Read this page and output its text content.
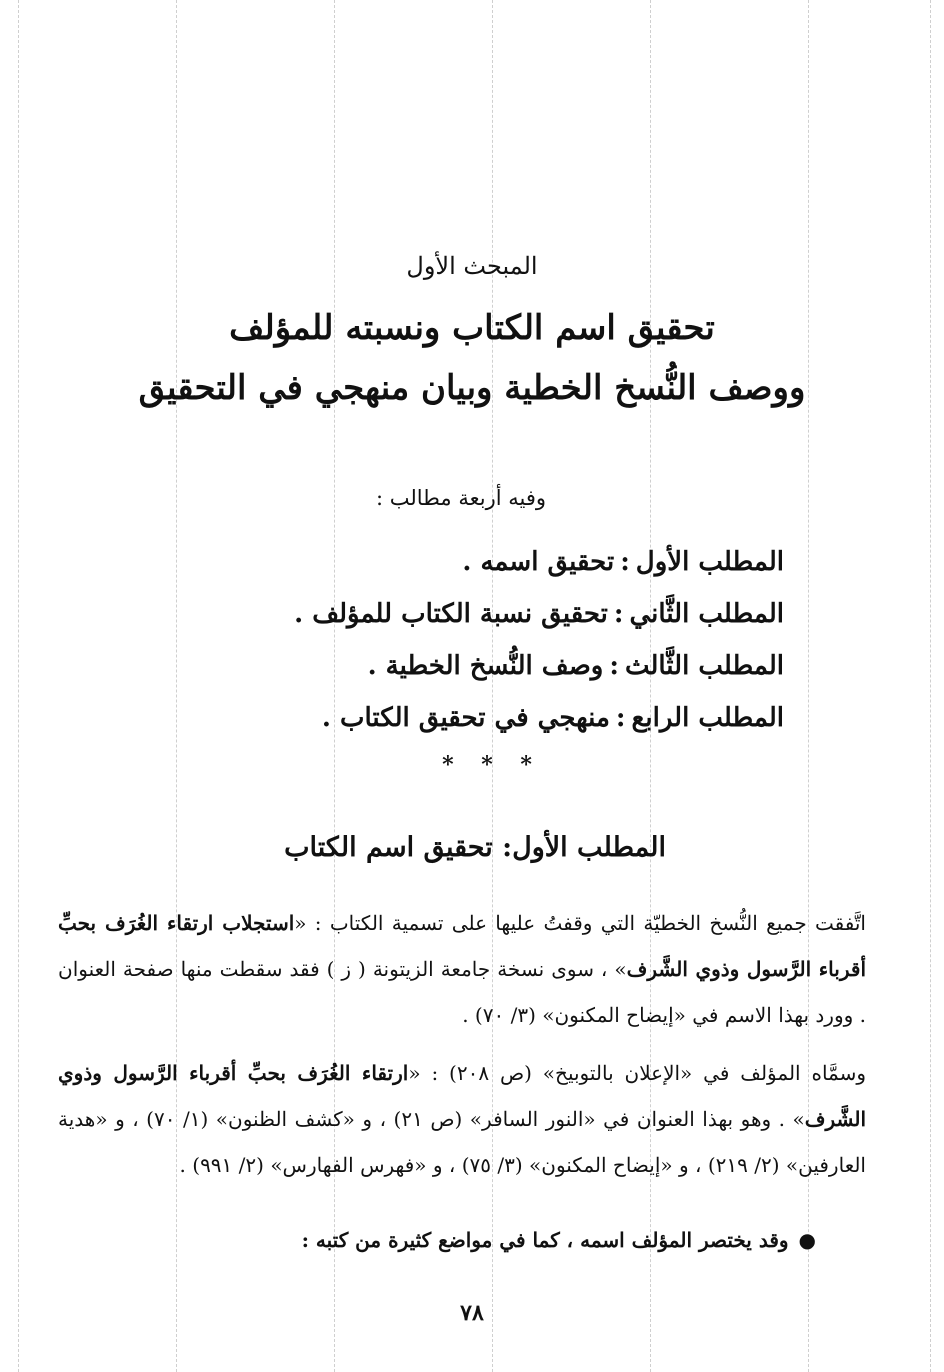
المبحث الأول
تحقيق اسم الكتاب ونسبته للمؤلف
ووصف النُّسخ الخطية وبيان منهجي في التحقيق
وفيه أربعة مطالب :
المطلب الأول:تحقيق اسمه .
المطلب الثَّاني:تحقيق نسبة الكتاب للمؤلف .
المطلب الثَّالث:وصف النُّسخ الخطية .
المطلب الرابع:منهجي في تحقيق الكتاب .
* * *
المطلب الأول: تحقيق اسم الكتاب

اتَّفقت جميع النُّسخ الخطيّة التي وقفتُ عليها على تسمية الكتاب : «استجلاب ارتقاء الغُرَف بحبِّ أقرباء الرَّسول وذوي الشَّرف» ، سوى نسخة جامعة الزيتونة ( ز ) فقد سقطت منها صفحة العنوان . وورد بهذا الاسم في «إيضاح المكنون» (٣/ ٧٠) .

وسمَّاه المؤلف في «الإعلان بالتوبيخ» (ص ٢٠٨) : «ارتقاء الغُرَف بحبِّ أقرباء الرَّسول وذوي الشَّرف» . وهو بهذا العنوان في «النور السافر» (ص ٢١) ، و «كشف الظنون» (١/ ٧٠) ، و «هدية العارفين» (٢/ ٢١٩) ، و «إيضاح المكنون» (٣/ ٧٥) ، و «فهرس الفهارس» (٢/ ٩٩١) .

●وقد يختصر المؤلف اسمه ، كما في مواضع كثيرة من كتبه :
٧٨
